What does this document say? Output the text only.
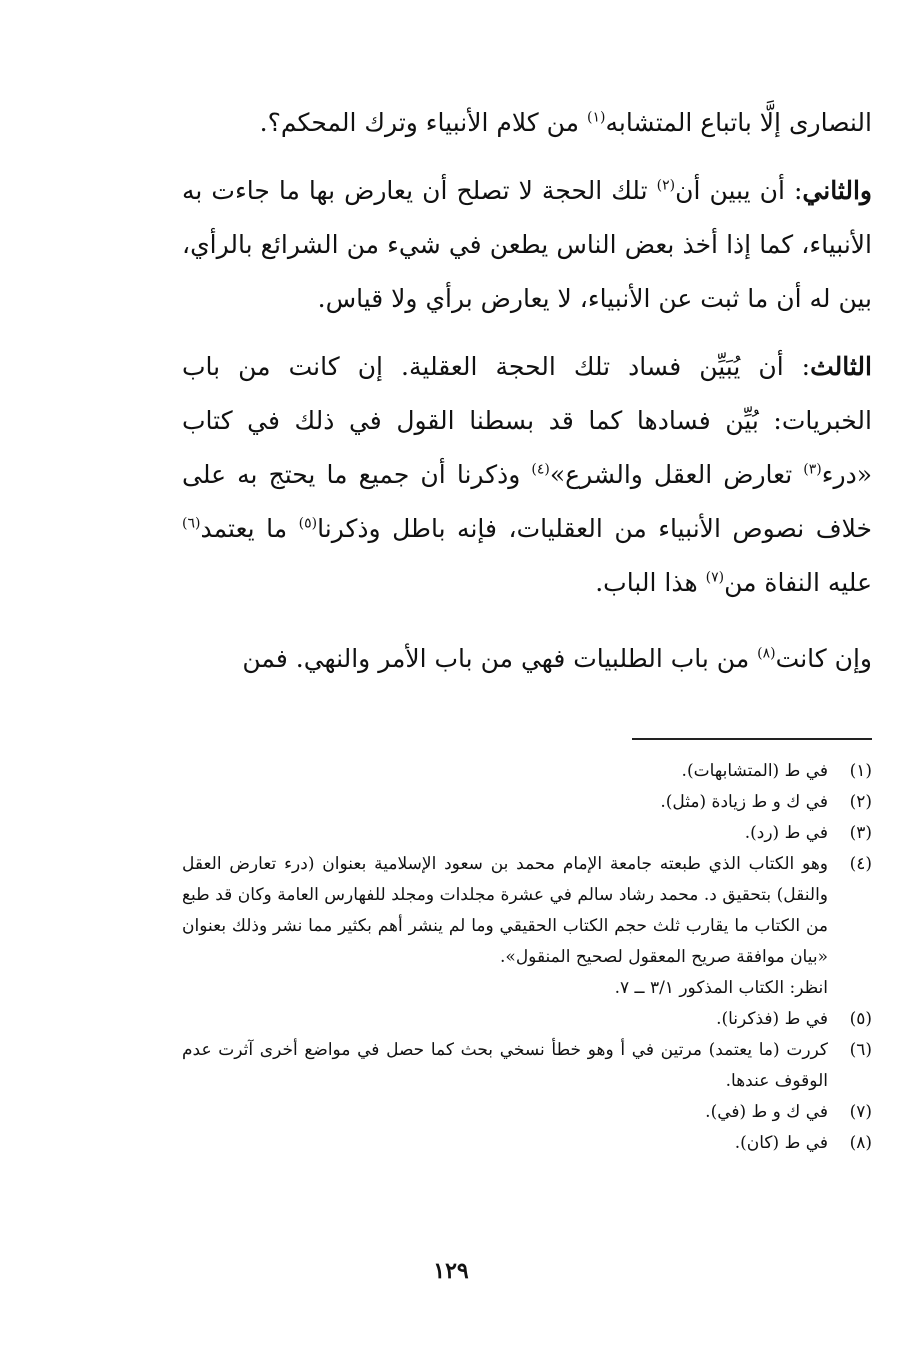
النصارى إلَّا باتباع المتشابه$^{(١)}$ من كلام الأنبياء وترك المحكم؟.

والثاني: أن يبين أن$^{(٢)}$ تلك الحجة لا تصلح أن يعارض بها ما جاءت به الأنبياء، كما إذا أخذ بعض الناس يطعن في شيء من الشرائع بالرأي، بين له أن ما ثبت عن الأنبياء، لا يعارض برأي ولا قياس.

الثالث: أن يُبَيِّن فساد تلك الحجة العقلية. إن كانت من باب الخبريات: بُيِّن فسادها كما قد بسطنا القول في ذلك في كتاب «درء$^{(٣)}$ تعارض العقل والشرع»$^{(٤)}$ وذكرنا أن جميع ما يحتج به على خلاف نصوص الأنبياء من العقليات، فإنه باطل وذكرنا$^{(٥)}$ ما يعتمد$^{(٦)}$ عليه النفاة من$^{(٧)}$ هذا الباب.

وإن كانت$^{(٨)}$ من باب الطلبيات فهي من باب الأمر والنهي. فمن

(١)
في ط (المتشابهات).
(٢)
في ك و ط زيادة (مثل).
(٣)
في ط (رد).
(٤)
وهو الكتاب الذي طبعته جامعة الإمام محمد بن سعود الإسلامية بعنوان (درء تعارض العقل والنقل) بتحقيق د. محمد رشاد سالم في عشرة مجلدات ومجلد للفهارس العامة وكان قد طبع من الكتاب ما يقارب ثلث حجم الكتاب الحقيقي وما لم ينشر أهم بكثير مما نشر وذلك بعنوان «بيان موافقة صريح المعقول لصحيح المنقول».
انظر: الكتاب المذكور ٣/١ ــ ٧.
(٥)
في ط (فذكرنا).
(٦)
كررت (ما يعتمد) مرتين في أ وهو خطأ نسخي بحث كما حصل في مواضع أخرى آثرت عدم الوقوف عندها.
(٧)
في ك و ط (في).
(٨)
في ط (كان).
١٢٩
